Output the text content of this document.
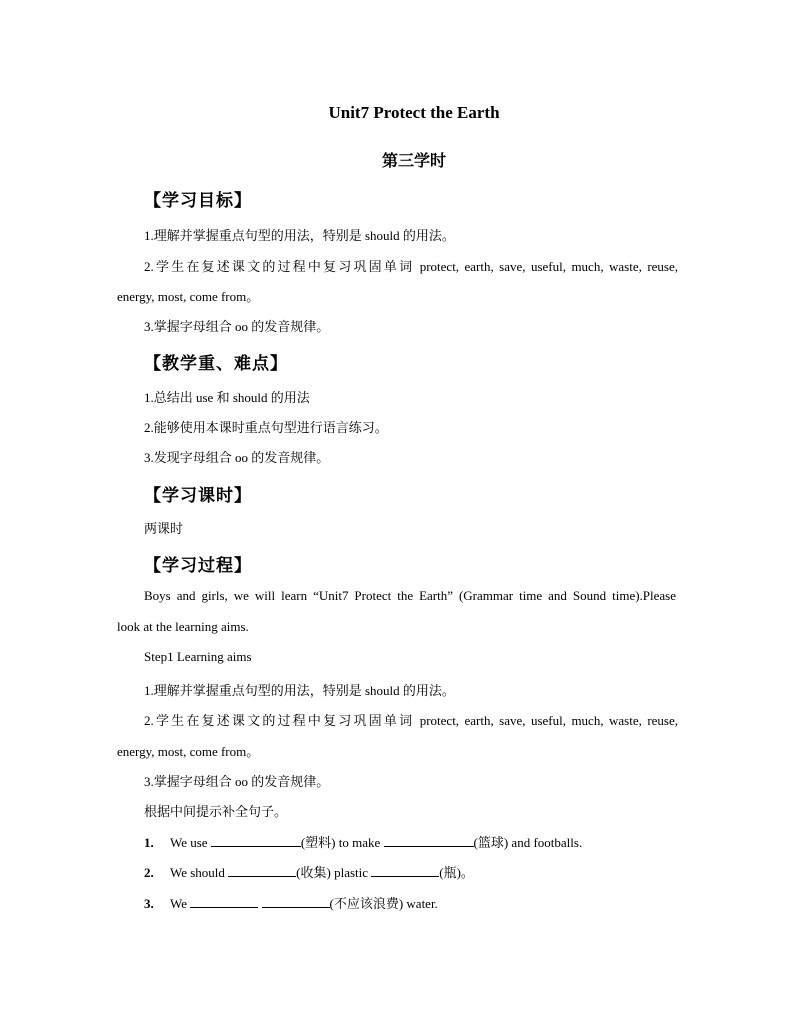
Unit7 Protect the Earth
第三学时
【学习目标】
1.理解并掌握重点句型的用法，特别是 should 的用法。
2.学生在复述课文的过程中复习巩固单词 protect, earth, save, useful, much, waste, reuse,
energy, most, come from。
3.掌握字母组合 oo 的发音规律。
【教学重、难点】
1.总结出 use 和 should 的用法
2.能够使用本课时重点句型进行语言练习。
3.发现字母组合 oo 的发音规律。
【学习课时】
两课时
【学习过程】
Boys and girls, we will learn “Unit7 Protect the Earth” (Grammar time and Sound time).Please
look at the learning aims.
Step1 Learning aims
1.理解并掌握重点句型的用法，特别是 should 的用法。
2.学生在复述课文的过程中复习巩固单词 protect, earth, save, useful, much, waste, reuse,
energy, most, come from。
3.掌握字母组合 oo 的发音规律。
根据中间提示补全句子。
1. We use	(塑料) to make	(篮球) and footballs.
2. We should	(收集) plastic	(瓶)。
3. We	(不应该浪费) water.
